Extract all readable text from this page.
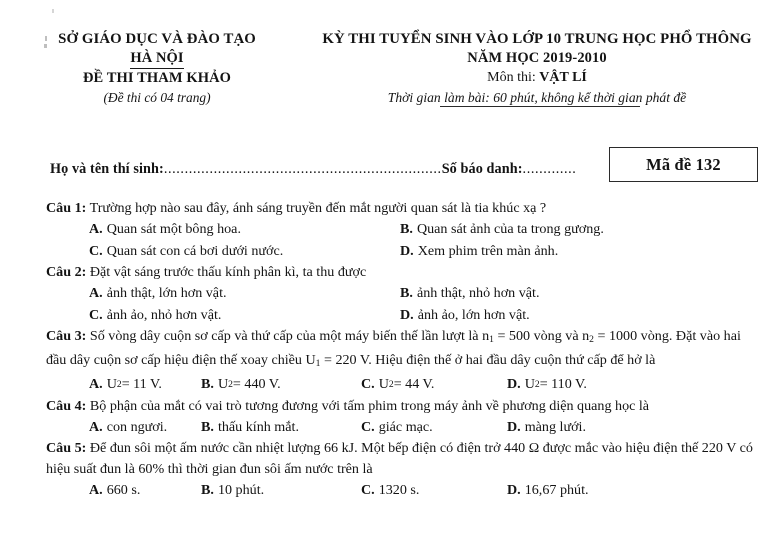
SỞ GIÁO DỤC VÀ ĐÀO TẠO
HÀ NỘI
ĐỀ THI THAM KHẢO
(Đề thi có 04 trang)
KỲ THI TUYỂN SINH VÀO LỚP 10 TRUNG HỌC PHỔ THÔNG
NĂM HỌC 2019-2010
Môn thi: VẬT LÍ
Thời gian làm bài: 60 phút, không kể thời gian phát đề
Họ và tên thí sinh:...................................................................Số báo danh:.............	Mã đề 132
Câu 1: Trường hợp nào sau đây, ánh sáng truyền đến mắt người quan sát là tia khúc xạ ?
A. Quan sát một bông hoa.	B. Quan sát ảnh của ta trong gương.
C. Quan sát con cá bơi dưới nước.	D. Xem phim trên màn ảnh.
Câu 2: Đặt vật sáng trước thấu kính phân kì, ta thu được
A. ảnh thật, lớn hơn vật.	B. ảnh thật, nhỏ hơn vật.
C. ảnh ảo, nhỏ hơn vật.	D. ảnh ảo, lớn hơn vật.
Câu 3: Số vòng dây cuộn sơ cấp và thứ cấp của một máy biến thế lần lượt là $n_1 = 500$ vòng và $n_2 = 1000$ vòng. Đặt vào hai đầu dây cuộn sơ cấp hiệu điện thế xoay chiều $U_1 = 220$ V. Hiệu điện thế ở hai đầu dây cuộn thứ cấp để hở là
A. U 2 = 11 V.	B. U 2 = 440 V.	C. U 2 = 44 V.	D. U 2 = 110 V.
Câu 4: Bộ phận của mắt có vai trò tương đương với tấm phim trong máy ảnh về phương diện quang học là
A. con ngươi. B. thấu kính mắt.	C. giác mạc.	D. màng lưới.
Câu 5: Để đun sôi một ấm nước cần nhiệt lượng 66 kJ. Một bếp điện có điện trở 440 Ω được mắc vào hiệu điện thế 220 V có hiệu suất đun là 60% thì thời gian đun sôi ấm nước trên là
A. 660 s.	B. 10 phút.	C. 1320 s.	D. 16,67 phút.
